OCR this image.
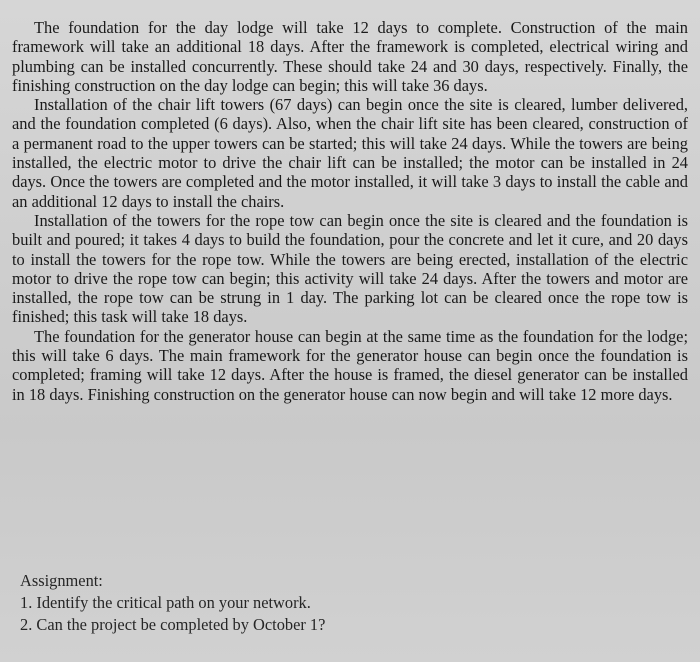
The foundation for the day lodge will take 12 days to complete. Construction of the main framework will take an additional 18 days. After the framework is completed, electrical wiring and plumbing can be installed concurrently. These should take 24 and 30 days, respectively. Finally, the finishing construction on the day lodge can begin; this will take 36 days.

Installation of the chair lift towers (67 days) can begin once the site is cleared, lumber delivered, and the foundation completed (6 days). Also, when the chair lift site has been cleared, construction of a permanent road to the upper towers can be started; this will take 24 days. While the towers are being installed, the electric motor to drive the chair lift can be installed; the motor can be installed in 24 days. Once the towers are completed and the motor installed, it will take 3 days to install the cable and an additional 12 days to install the chairs.

Installation of the towers for the rope tow can begin once the site is cleared and the foundation is built and poured; it takes 4 days to build the foundation, pour the concrete and let it cure, and 20 days to install the towers for the rope tow. While the towers are being erected, installation of the electric motor to drive the rope tow can begin; this activity will take 24 days. After the towers and motor are installed, the rope tow can be strung in 1 day. The parking lot can be cleared once the rope tow is finished; this task will take 18 days.

The foundation for the generator house can begin at the same time as the foundation for the lodge; this will take 6 days. The main framework for the generator house can begin once the foundation is completed; framing will take 12 days. After the house is framed, the diesel generator can be installed in 18 days. Finishing construction on the generator house can now begin and will take 12 more days.

Assignment:

1. Identify the critical path on your network.
2. Can the project be completed by October 1?
